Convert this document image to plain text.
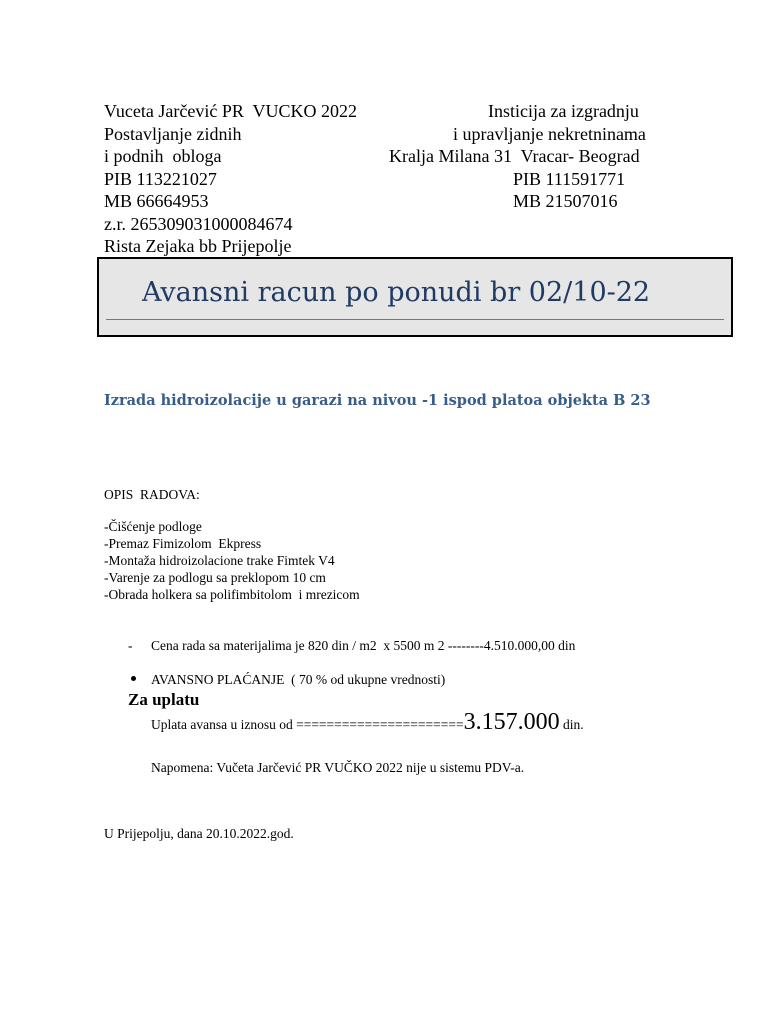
Vuceta Jarčević PR  VUCKO 2022
Postavljanje zidnih
i podnih  obloga
PIB 113221027
MB 66664953
z.r. 265309031000084674
Rista Zejaka bb Prijepolje
Insticija za izgradnju
i upravljanje nekretninama
Kralja Milana 31  Vracar- Beograd
PIB 111591771
MB 21507016
Avansni racun po ponudi br 02/10-22
Izrada hidroizolacije u garazi na nivou -1 ispod platoa objekta B 23
OPIS  RADOVA:
-Čišćenje podloge
-Premaz Fimizolom  Ekpress
-Montaža hidroizolacione trake Fimtek V4
-Varenje za podlogu sa preklopom 10 cm
-Obrada holkera sa polifimbitolom  i mrezicom
- Cena rada sa materijalima je 820 din / m2  x 5500 m 2 --------4.510.000,00 din
AVANSNO PLAĆANJE  ( 70 % od ukupne vrednosti)
Za uplatu
Uplata avansa u iznosu od ======================3.157.000 din.
Napomena: Vučeta Jarčević PR VUČKO 2022 nije u sistemu PDV-a.
U Prijepolju, dana 20.10.2022.god.
